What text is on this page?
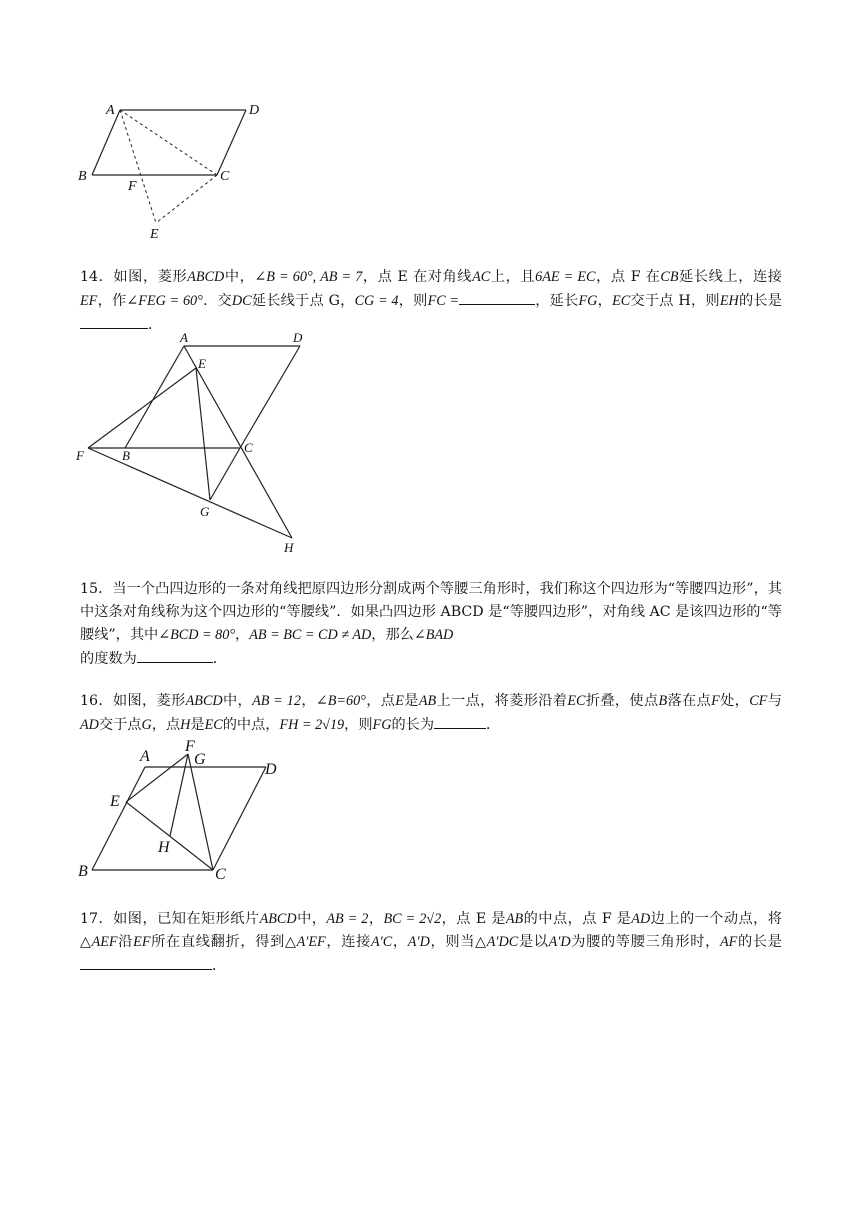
A	D
B
F
C
E
14．如图，菱形ABCD中，∠B = 60°, AB = 7，点 E 在对角线AC上，且6AE = EC，点 F 在CB延长线上，连接EF，作∠FEG = 60°．交DC延长线于点 G，CG = 4，则FC =	，延长FG，EC交于点 H，则EH的长是．
A	D
E
F	B
C
G
H
15．当一个凸四边形的一条对角线把原四边形分割成两个等腰三角形时，我们称这个四边形为“等腰四边形”，其中这条对角线称为这个四边形的“等腰线”．如果凸四边形 ABCD 是“等腰四边形”，对角线 AC 是该四边形的“等腰线”，其中∠BCD = 80°，AB = BC = CD ≠ AD，那么∠BAD
的度数为	．
16．如图，菱形ABCD中，AB = 12，∠B=60°，点E是AB上一点，将菱形沿着EC折叠，使点B落在点F处，CF与AD交于点G，点H是EC的中点，FH = 2√19，则FG的长为	．
A
F
G
D
E
H
B	C
17．如图，已知在矩形纸片ABCD中，AB = 2，BC = 2√2，点 E 是AB的中点，点 F 是AD边上的一个动点，将△AEF沿EF所在直线翻折，得到△A′EF，连接A′C，A′D，则当△A′DC是以A′D为腰的等腰三角形时，AF的长是．
